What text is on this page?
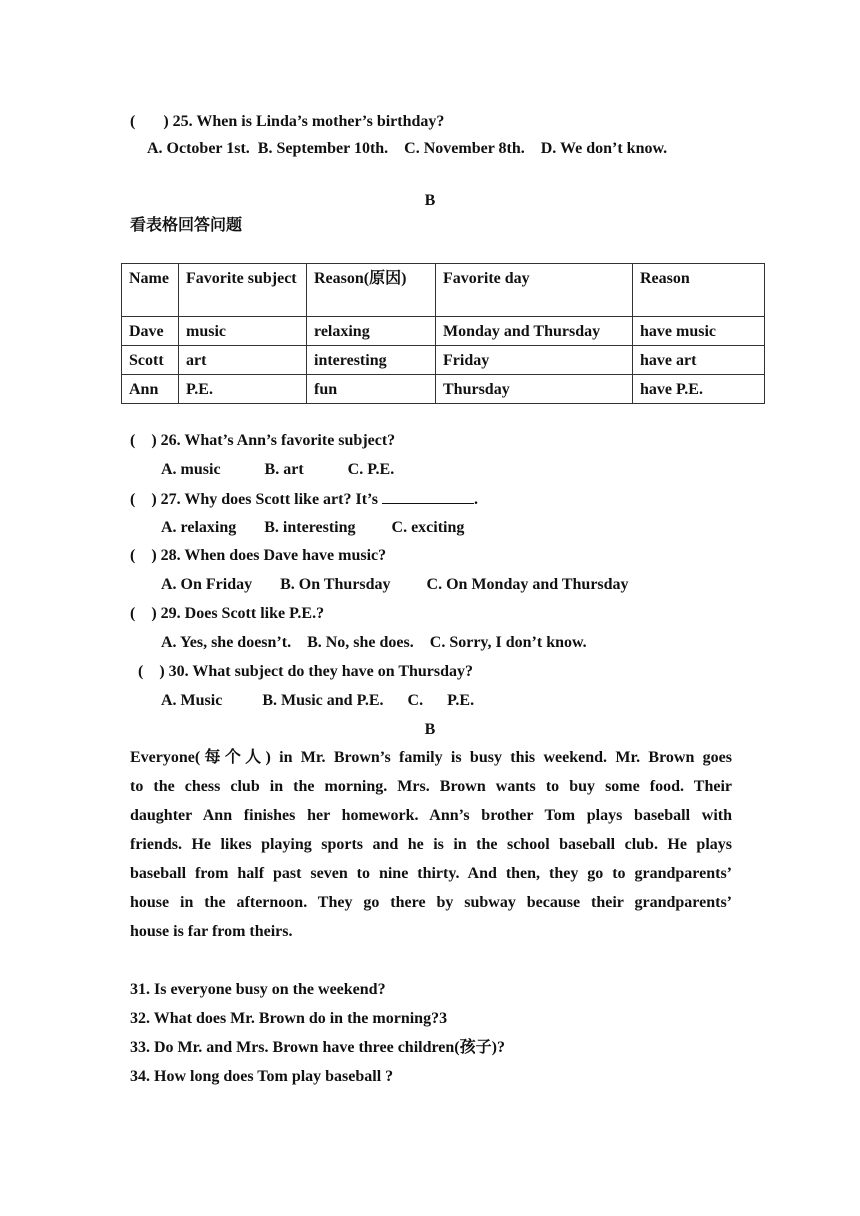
(       ) 25. When is Linda’s mother’s birthday?
A. October 1st.  B. September 10th.    C. November 8th.    D. We don’t know.
B
看表格回答问题
Name	Favorite subject	Reason(原因)	Favorite day	Reason
Dave	music	relaxing	Monday and Thursday	have music
Scott	art	interesting	Friday	have art
Ann	P.E.	fun	Thursday	have P.E.
(    ) 26. What’s Ann’s favorite subject?
A. music           B. art           C. P.E.
(    ) 27. Why does Scott like art? It’s	.
A. relaxing       B. interesting         C. exciting
(    ) 28. When does Dave have music?
A. On Friday       B. On Thursday         C. On Monday and Thursday
(    ) 29. Does Scott like P.E.?
A. Yes, she doesn’t.    B. No, she does.    C. Sorry, I don’t know.
(    ) 30. What subject do they have on Thursday?
A. Music          B. Music and P.E.      C.      P.E.
B
Everyone(每个人) in Mr. Brown’s family is busy this weekend. Mr. Brown goes
to the chess club in the morning. Mrs. Brown wants to buy some food. Their
daughter Ann finishes her homework. Ann’s brother Tom plays baseball with
friends. He likes playing sports and he is in the school baseball club. He plays
baseball from half past seven to nine thirty. And then, they go to grandparents’
house in the afternoon. They go there by subway because their grandparents’
house is far from theirs.
31. Is everyone busy on the weekend?
32. What does Mr. Brown do in the morning?3
33. Do Mr. and Mrs. Brown have three children(孩子)?
34. How long does Tom play baseball ?
